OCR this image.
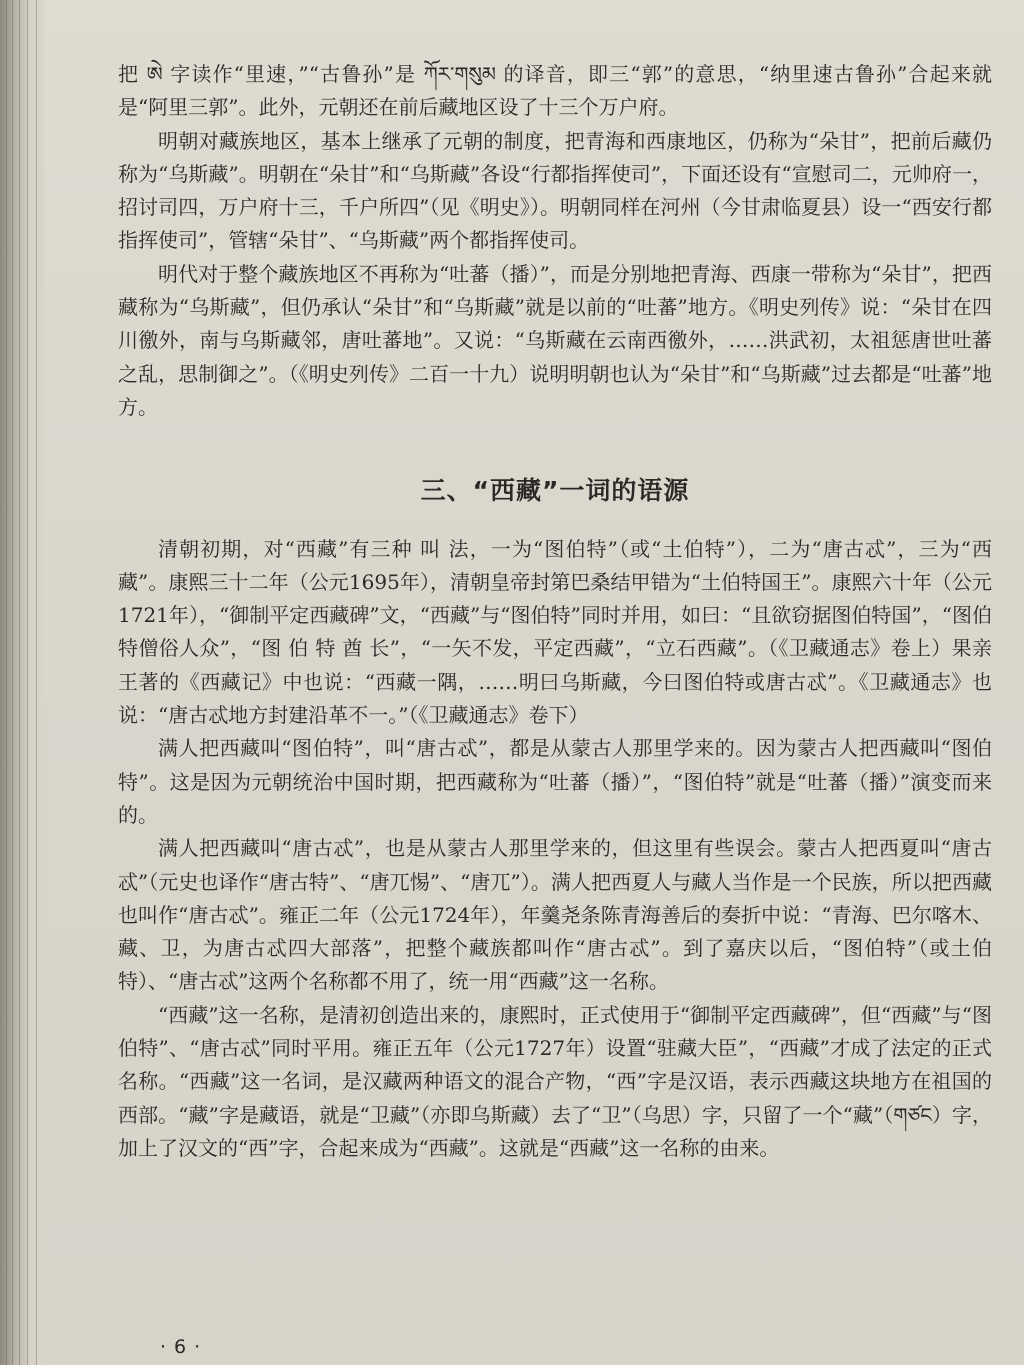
把 ཨེ 字读作“里速，”“古鲁孙”是 ཀོར་གསུམ 的译音，即三“郭”的意思，“纳里速古鲁孙”合起来就是“阿里三郭”。此外，元朝还在前后藏地区设了十三个万户府。

明朝对藏族地区，基本上继承了元朝的制度，把青海和西康地区，仍称为“朵甘”，把前后藏仍称为“乌斯藏”。明朝在“朵甘”和“乌斯藏”各设“行都指挥使司”，下面还设有“宣慰司二，元帅府一，招讨司四，万户府十三，千户所四”（见《明史》）。明朝同样在河州（今甘肃临夏县）设一“西安行都指挥使司”，管辖“朵甘”、“乌斯藏”两个都指挥使司。

明代对于整个藏族地区不再称为“吐蕃（播）”，而是分别地把青海、西康一带称为“朵甘”，把西藏称为“乌斯藏”，但仍承认“朵甘”和“乌斯藏”就是以前的“吐蕃”地方。《明史列传》说：“朵甘在四川徼外，南与乌斯藏邻，唐吐蕃地”。又说：“乌斯藏在云南西徼外，……洪武初，太祖惩唐世吐蕃之乱，思制御之”。（《明史列传》二百一十九）说明明朝也认为“朵甘”和“乌斯藏”过去都是“吐蕃”地方。

三、“西藏”一词的语源

清朝初期，对“西藏”有三种 叫 法，一为“图伯特”（或“土伯特”），二为“唐古忒”，三为“西藏”。康熙三十二年（公元1695年），清朝皇帝封第巴桑结甲错为“土伯特国王”。康熙六十年（公元1721年），“御制平定西藏碑”文，“西藏”与“图伯特”同时并用，如曰：“且欲窃据图伯特国”，“图伯特僧俗人众”，“图 伯 特 酋 长”，“一矢不发，平定西藏”，“立石西藏”。（《卫藏通志》卷上）果亲王著的《西藏记》中也说：“西藏一隅，……明曰乌斯藏，今曰图伯特或唐古忒”。《卫藏通志》也说：“唐古忒地方封建沿革不一。”（《卫藏通志》卷下）

满人把西藏叫“图伯特”，叫“唐古忒”，都是从蒙古人那里学来的。因为蒙古人把西藏叫“图伯特”。这是因为元朝统治中国时期，把西藏称为“吐蕃（播）”，“图伯特”就是“吐蕃（播）”演变而来的。

满人把西藏叫“唐古忒”，也是从蒙古人那里学来的，但这里有些误会。蒙古人把西夏叫“唐古忒”（元史也译作“唐古特”、“唐兀惕”、“唐兀”）。满人把西夏人与藏人当作是一个民族，所以把西藏也叫作“唐古忒”。雍正二年（公元1724年），年羹尧条陈青海善后的奏折中说：“青海、巴尔喀木、藏、卫，为唐古忒四大部落”，把整个藏族都叫作“唐古忒”。到了嘉庆以后，“图伯特”（或土伯特）、“唐古忒”这两个名称都不用了，统一用“西藏”这一名称。

“西藏”这一名称，是清初创造出来的，康熙时，正式使用于“御制平定西藏碑”，但“西藏”与“图伯特”、“唐古忒”同时平用。雍正五年（公元1727年）设置“驻藏大臣”，“西藏”才成了法定的正式名称。“西藏”这一名词，是汉藏两种语文的混合产物，“西”字是汉语，表示西藏这块地方在祖国的西部。“藏”字是藏语，就是“卫藏”（亦即乌斯藏）去了“卫”（乌思）字，只留了一个“藏”（གཙང）字，加上了汉文的“西”字，合起来成为“西藏”。这就是“西藏”这一名称的由来。

·6·
